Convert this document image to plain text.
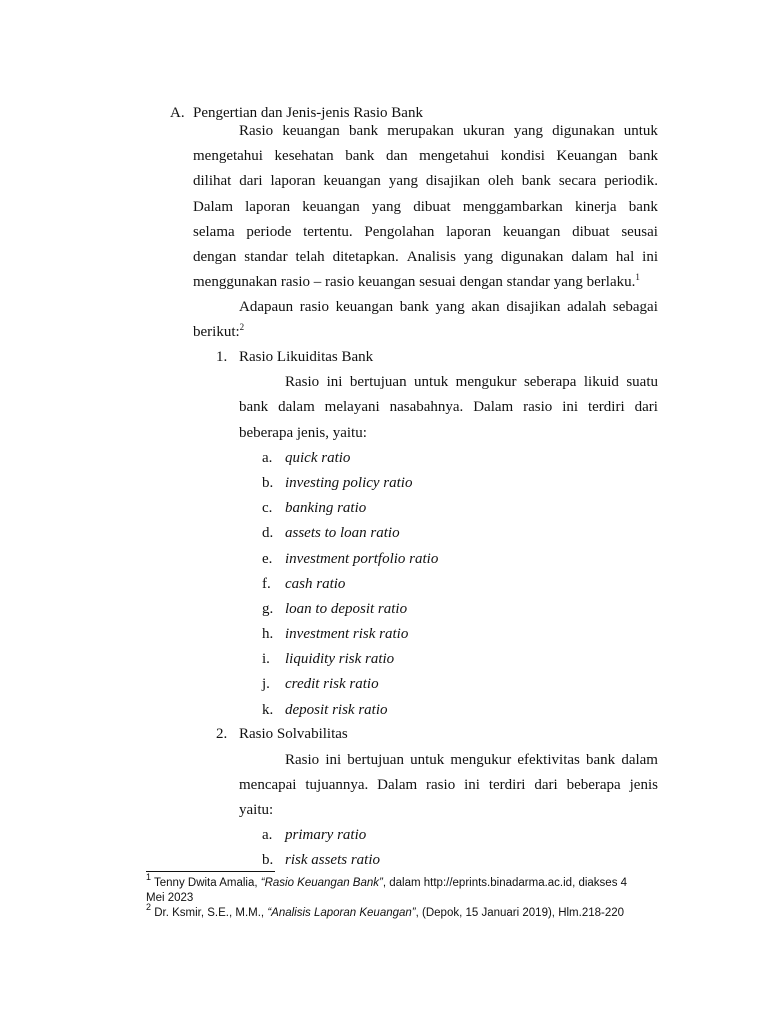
A. Pengertian dan Jenis-jenis Rasio Bank
Rasio keuangan bank merupakan ukuran yang digunakan untuk
mengetahui kesehatan bank dan mengetahui kondisi Keuangan bank
dilihat dari laporan keuangan yang disajikan oleh bank secara periodik.
Dalam laporan keuangan yang dibuat menggambarkan kinerja bank
selama periode tertentu. Pengolahan laporan keuangan dibuat seusai
dengan standar telah ditetapkan. Analisis yang digunakan dalam hal ini
menggunakan rasio – rasio keuangan sesuai dengan standar yang berlaku.$^1$
Adapaun rasio keuangan bank yang akan disajikan adalah sebagai
berikut:$^2$
1. Rasio Likuiditas Bank
Rasio ini bertujuan untuk mengukur seberapa likuid suatu
bank dalam melayani nasabahnya. Dalam rasio ini terdiri dari
beberapa jenis, yaitu:
a. quick ratio
b. investing policy ratio
c. banking ratio
d. assets to loan ratio
e. investment portfolio ratio
f. cash ratio
g. loan to deposit ratio
h. investment risk ratio
i. liquidity risk ratio
j. credit risk ratio
k. deposit risk ratio
2. Rasio Solvabilitas
Rasio ini bertujuan untuk mengukur efektivitas bank dalam
mencapai tujuannya. Dalam rasio ini terdiri dari beberapa jenis
yaitu:
a. primary ratio
b. risk assets ratio
$^1$ Tenny Dwita Amalia, “Rasio Keuangan Bank”, dalam http://eprints.binadarma.ac.id, diakses 4
Mei 2023
$^2$ Dr. Ksmir, S.E., M.M., “Analisis Laporan Keuangan”, (Depok, 15 Januari 2019), Hlm.218-220
